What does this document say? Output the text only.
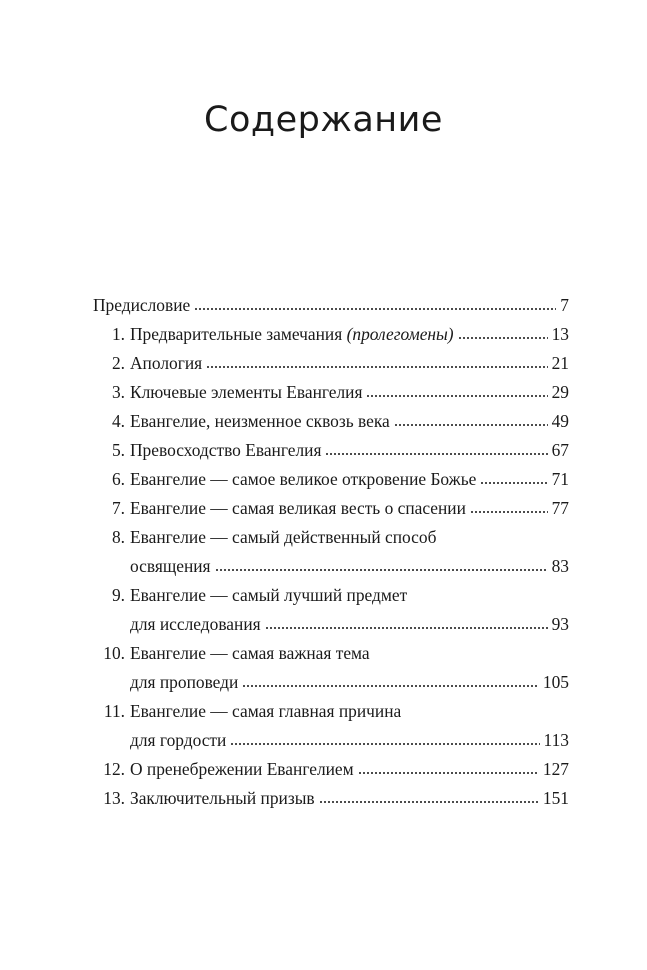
Содержание
Предисловие	7
1. Предварительные замечания (пролегомены)	13
2. Апология	21
3. Ключевые элементы Евангелия	29
4. Евангелие, неизменное сквозь века	49
5. Превосходство Евангелия	67
6. Евангелие — самое великое откровение Божье	71
7. Евангелие — самая великая весть о спасении	77
8. Евангелие — самый действенный способ
освящения	83
9. Евангелие — самый лучший предмет
для исследования	93
10. Евангелие — самая важная тема
для проповеди	105
11. Евангелие — самая главная причина
для гордости	113
12. О пренебрежении Евангелием	127
13. Заключительный призыв	151
